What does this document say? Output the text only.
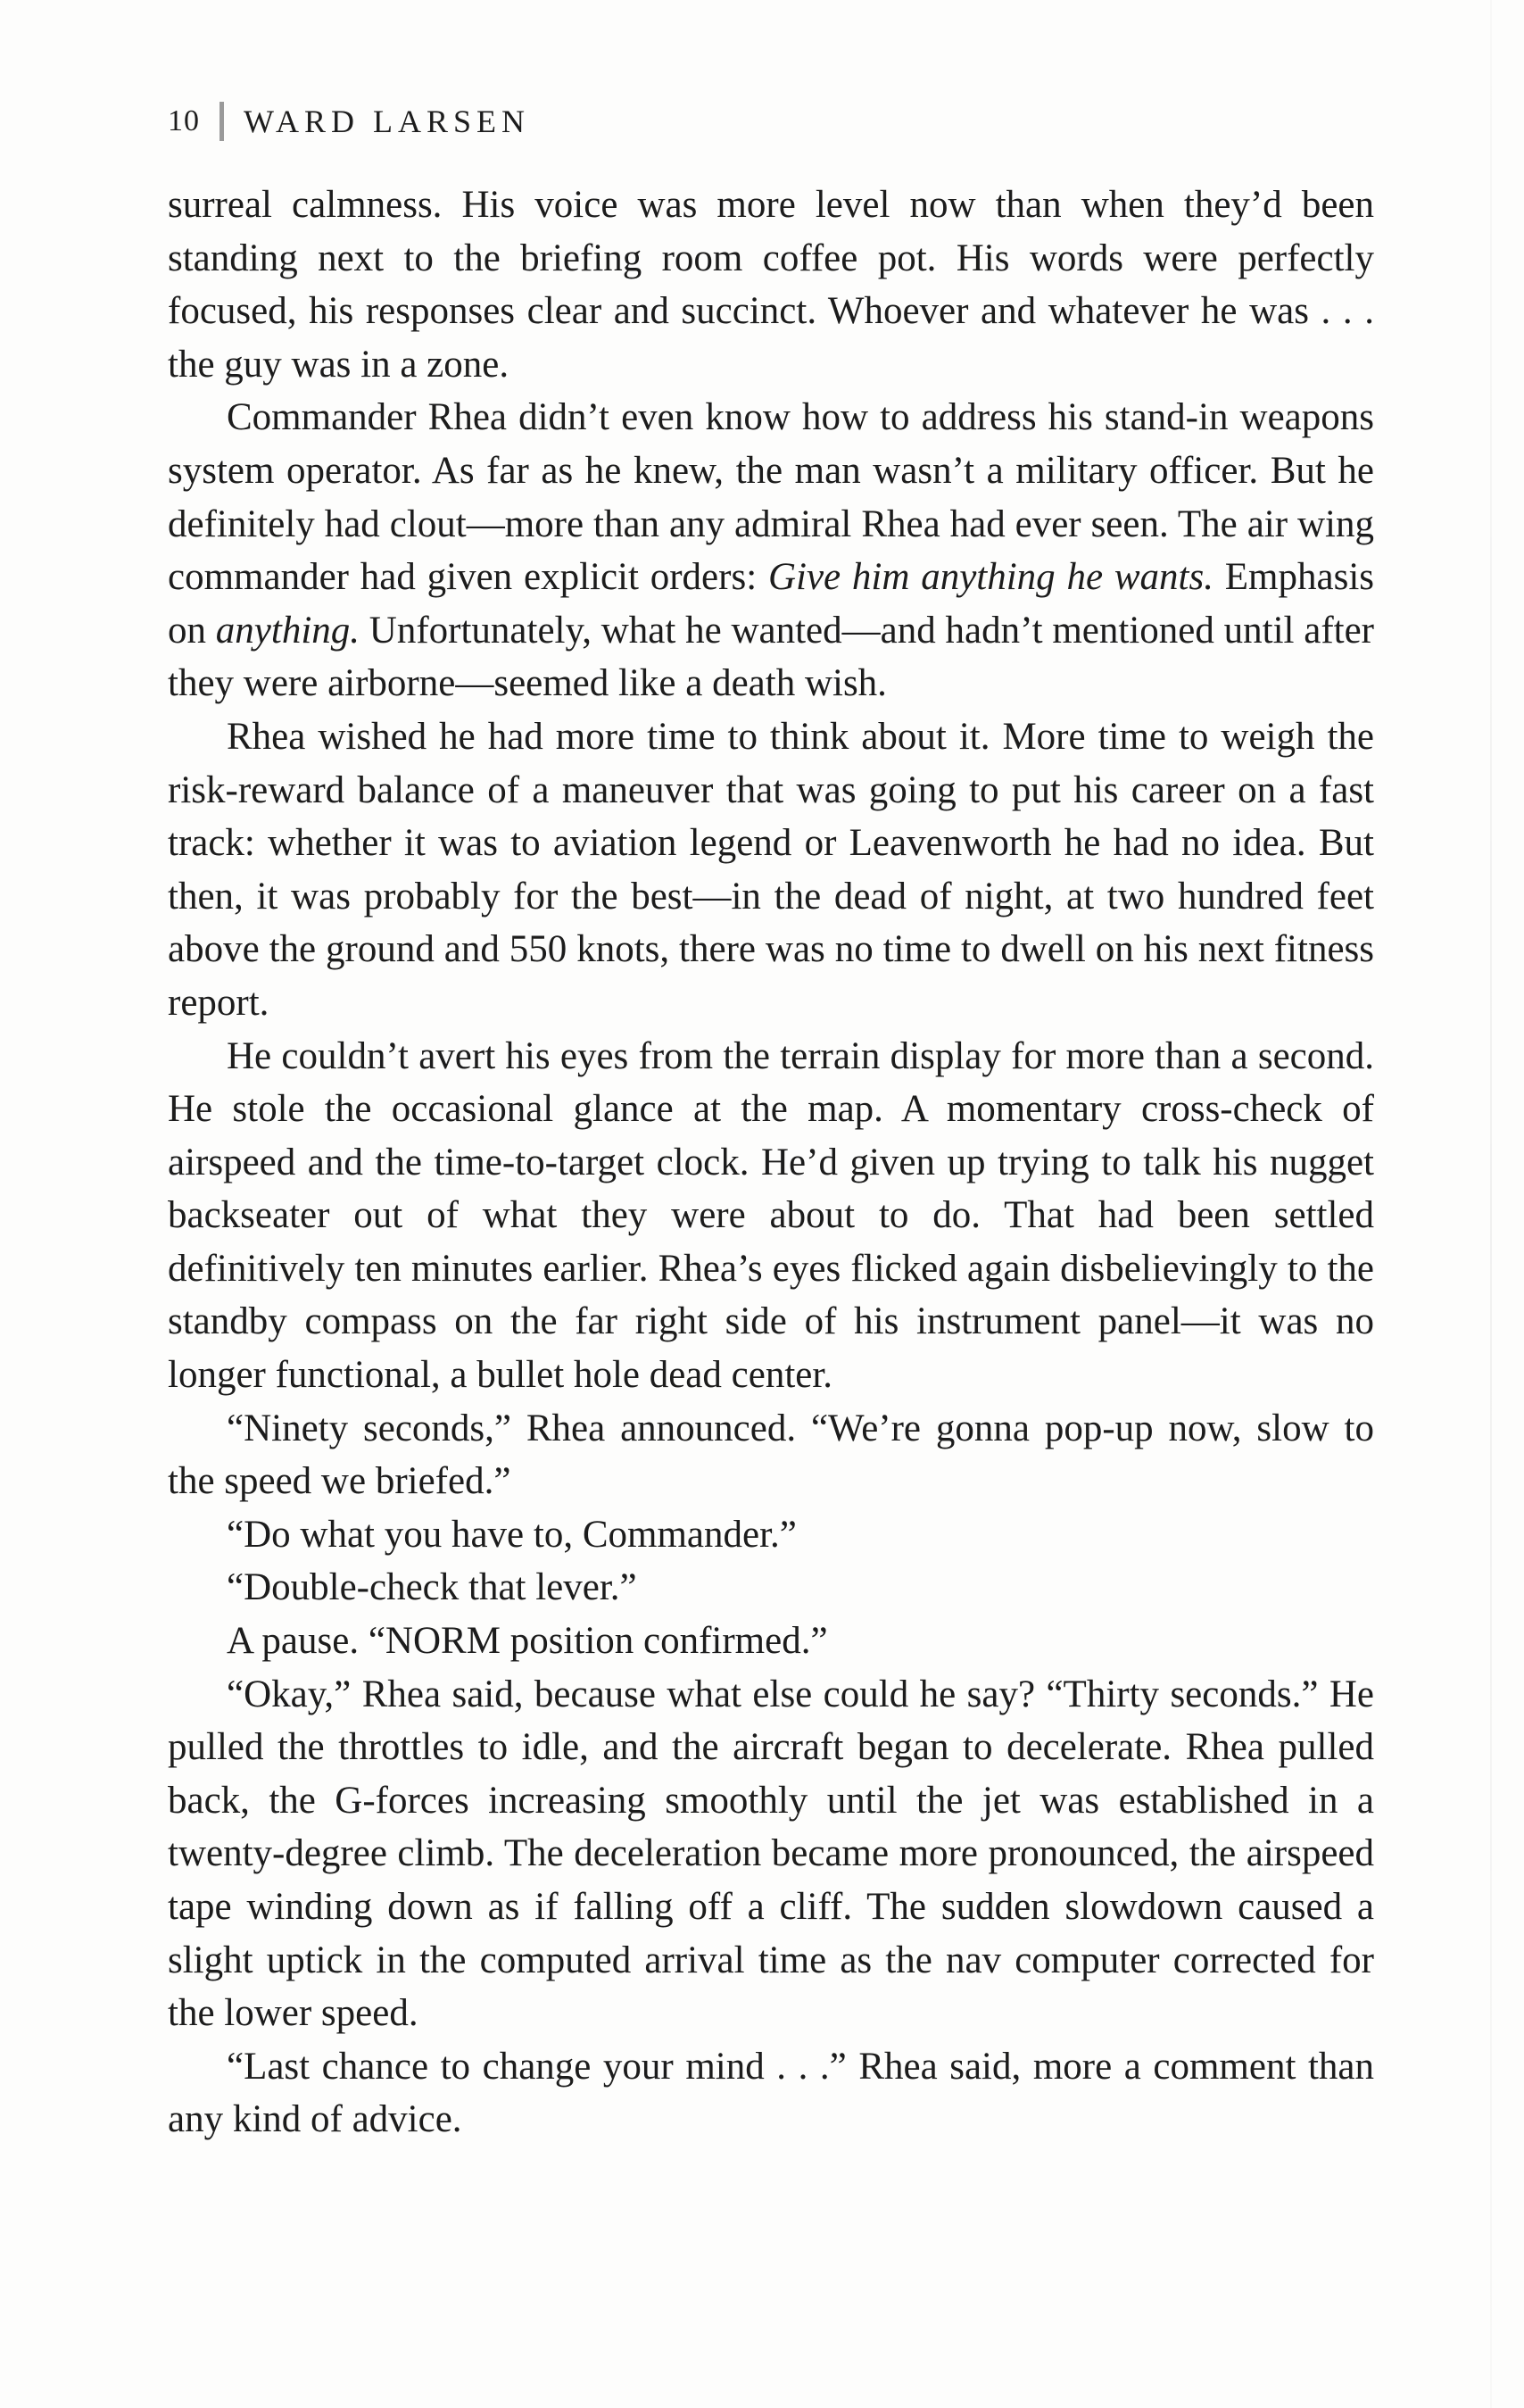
10 WARD LARSEN

surreal calmness. His voice was more level now than when they’d been standing next to the briefing room coffee pot. His words were perfectly focused, his responses clear and succinct. Whoever and whatever he was . . . the guy was in a zone.

Commander Rhea didn’t even know how to address his stand-in weapons system operator. As far as he knew, the man wasn’t a military officer. But he definitely had clout—more than any admiral Rhea had ever seen. The air wing commander had given explicit orders: Give him anything he wants. Emphasis on anything. Unfortunately, what he wanted—and hadn’t mentioned until after they were airborne—seemed like a death wish.

Rhea wished he had more time to think about it. More time to weigh the risk-reward balance of a maneuver that was going to put his career on a fast track: whether it was to aviation legend or Leavenworth he had no idea. But then, it was probably for the best—in the dead of night, at two hundred feet above the ground and 550 knots, there was no time to dwell on his next fitness report.

He couldn’t avert his eyes from the terrain display for more than a second. He stole the occasional glance at the map. A momentary cross-check of airspeed and the time-to-target clock. He’d given up trying to talk his nugget backseater out of what they were about to do. That had been settled definitively ten minutes earlier. Rhea’s eyes flicked again disbelievingly to the standby compass on the far right side of his instrument panel—it was no longer functional, a bullet hole dead center.

“Ninety seconds,” Rhea announced. “We’re gonna pop-up now, slow to the speed we briefed.”

“Do what you have to, Commander.”

“Double-check that lever.”

A pause. “NORM position confirmed.”

“Okay,” Rhea said, because what else could he say? “Thirty seconds.” He pulled the throttles to idle, and the aircraft began to decelerate. Rhea pulled back, the G-forces increasing smoothly until the jet was established in a twenty-degree climb. The deceleration became more pronounced, the airspeed tape winding down as if falling off a cliff. The sudden slowdown caused a slight uptick in the computed arrival time as the nav computer corrected for the lower speed.

“Last chance to change your mind . . .” Rhea said, more a comment than any kind of advice.
